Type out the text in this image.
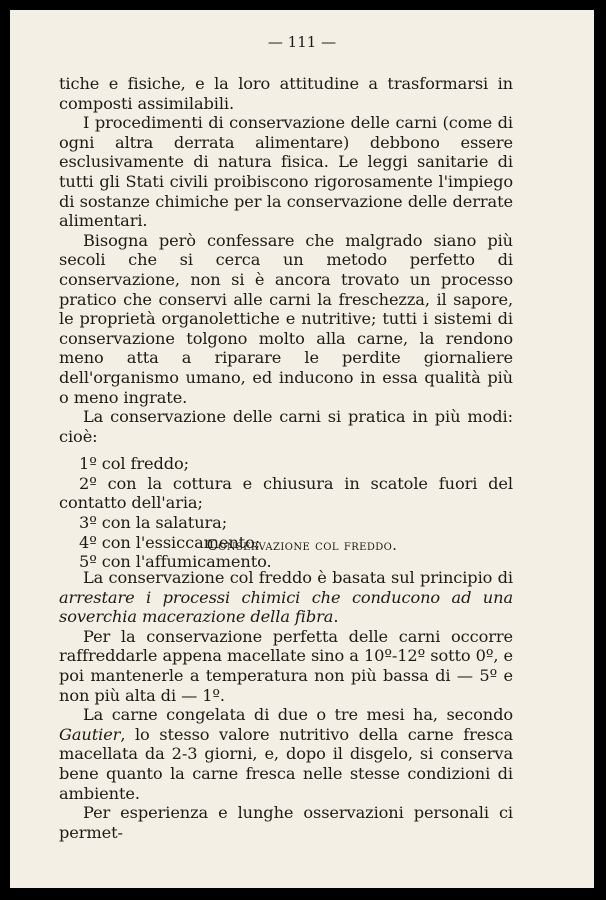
— 111 —

tiche e fisiche, e la loro attitudine a trasformarsi in composti assimilabili.

I procedimenti di conservazione delle carni (come di ogni altra derrata alimentare) debbono essere esclusivamente di natura fisica. Le leggi sanitarie di tutti gli Stati civili proibiscono rigorosamente l'impiego di sostanze chimiche per la conservazione delle derrate alimentari.

Bisogna però confessare che malgrado siano più secoli che si cerca un metodo perfetto di conservazione, non si è ancora trovato un processo pratico che conservi alle carni la freschezza, il sapore, le proprietà organolettiche e nutritive; tutti i sistemi di conservazione tolgono molto alla carne, la rendono meno atta a riparare le perdite giornaliere dell'organismo umano, ed inducono in essa qualità più o meno ingrate.

La conservazione delle carni si pratica in più modi: cioè:

1º col freddo;

2º con la cottura e chiusura in scatole fuori del contatto dell'aria;

3º con la salatura;

4º con l'essiccamento;

5º con l'affumicamento.

Conservazione col freddo.

La conservazione col freddo è basata sul principio di arrestare i processi chimici che conducono ad una soverchia macerazione della fibra.

Per la conservazione perfetta delle carni occorre raffreddarle appena macellate sino a 10º-12º sotto 0º, e poi mantenerle a temperatura non più bassa di — 5º e non più alta di — 1º.

La carne congelata di due o tre mesi ha, secondo Gautier, lo stesso valore nutritivo della carne fresca macellata da 2-3 giorni, e, dopo il disgelo, si conserva bene quanto la carne fresca nelle stesse condizioni di ambiente.

Per esperienza e lunghe osservazioni personali ci permet-
